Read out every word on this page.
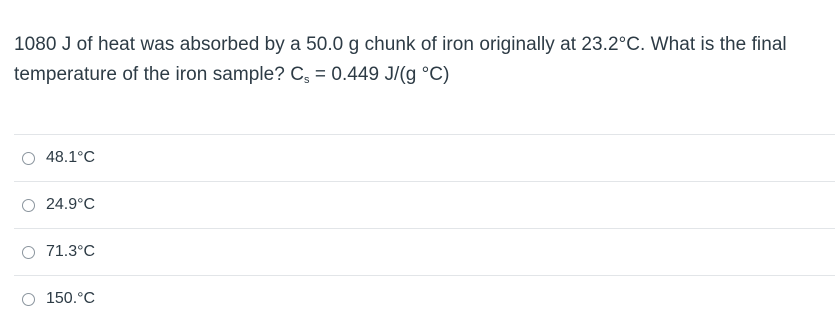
1080 J of heat was absorbed by a 50.0 g chunk of iron originally at 23.2°C. What is the final
temperature of the iron sample? $C_s = 0.449$ J/(g °C)
48.1°C
24.9°C
71.3°C
150.°C
